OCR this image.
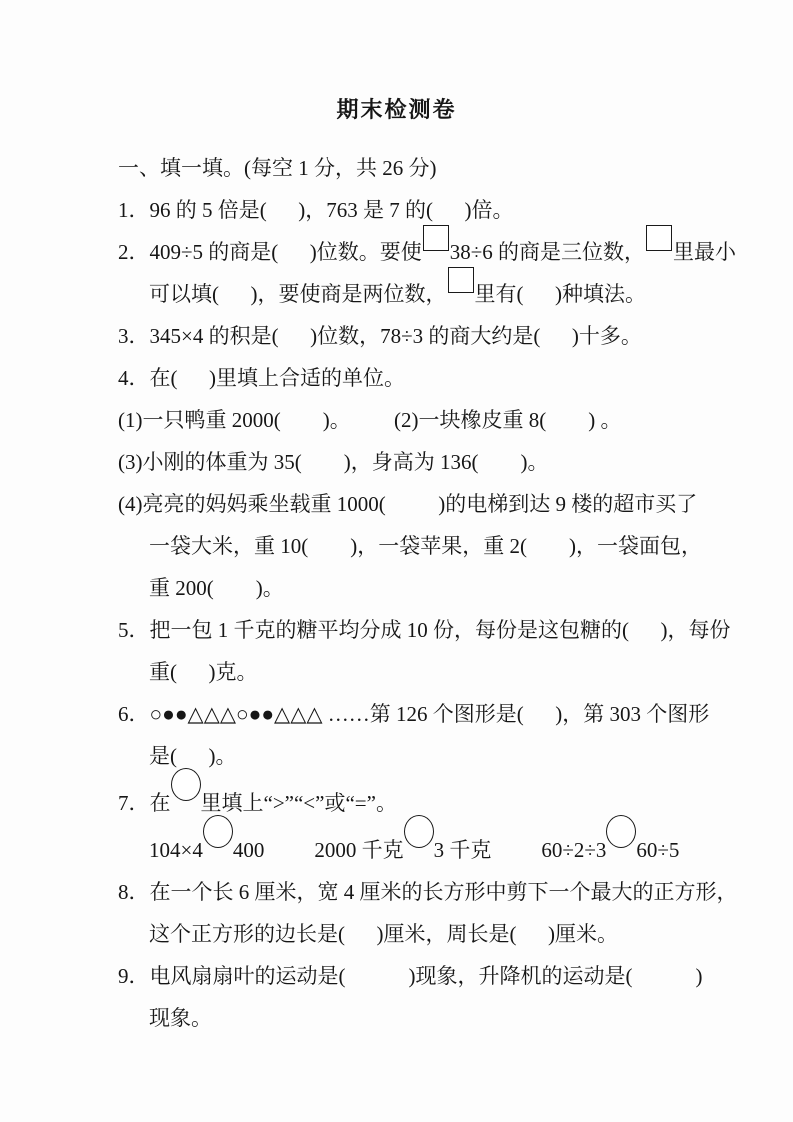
期末检测卷
一、填一填。(每空 1 分，共 26 分)
1．96 的 5 倍是(      )，763 是 7 的(      )倍。
2．409÷5 的商是(      )位数。要使 38÷6 的商是三位数， 里最小
可以填(      )，要使商是两位数， 里有(      )种填法。
3．345×4 的积是(      )位数，78÷3 的商大约是(      )十多。
4．在(      )里填上合适的单位。
(1)一只鸭重 2000(        )。 (2)一块橡皮重 8(        ) 。
(3)小刚的体重为 35(        )，身高为 136(        )。
(4)亮亮的妈妈乘坐载重 1000(          )的电梯到达 9 楼的超市买了
一袋大米，重 10(        )，一袋苹果，重 2(        )，一袋面包，
重 200(        )。
5．把一包 1 千克的糖平均分成 10 份，每份是这包糖的(      )，每份
重(      )克。
6．○●●△△△○●●△△△ ……第 126 个图形是(      )，第 303 个图形
是(      )。
7．在 里填上“>”“<”或“=”。
104×4 400 2000 千克 3 千克 60÷2÷3 60÷5
8．在一个长 6 厘米，宽 4 厘米的长方形中剪下一个最大的正方形，
这个正方形的边长是(      )厘米，周长是(      )厘米。
9．电风扇扇叶的运动是(            )现象，升降机的运动是(            )
现象。
